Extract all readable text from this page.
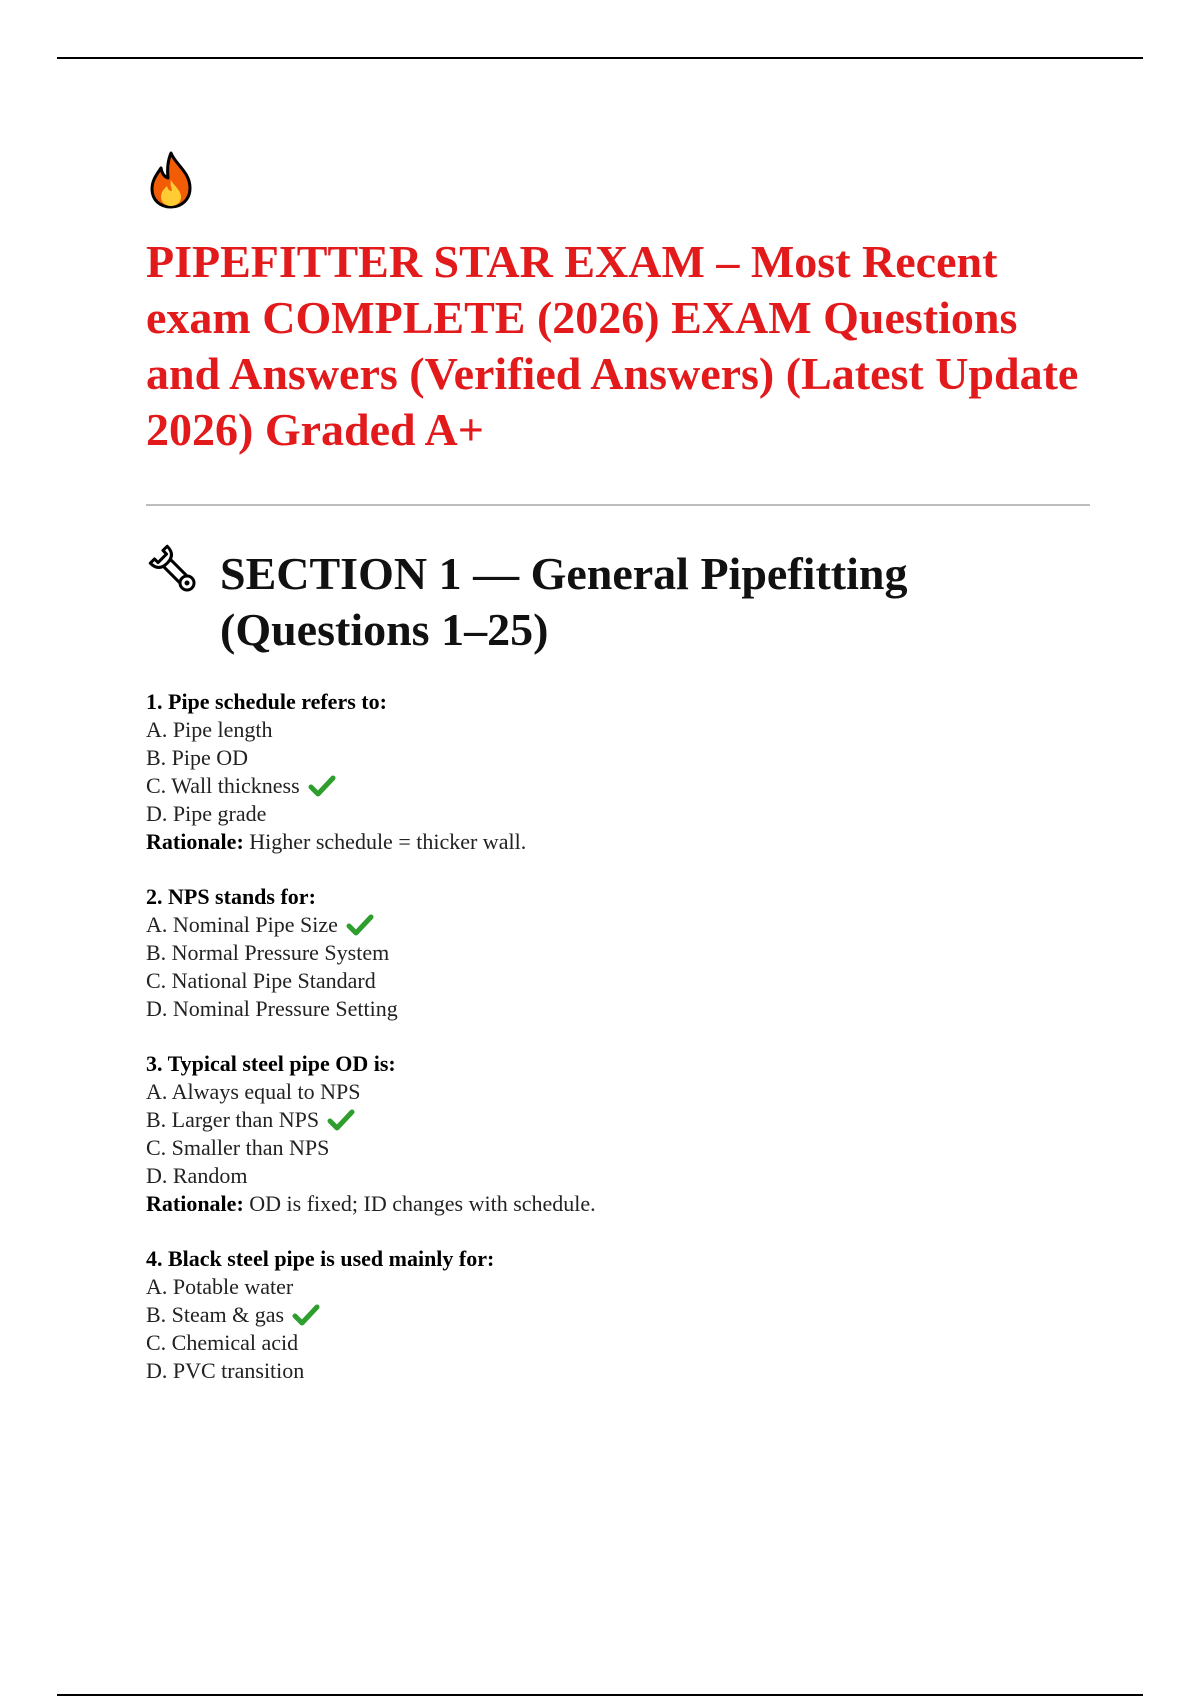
PIPEFITTER STAR EXAM – Most Recent exam COMPLETE (2026) EXAM Questions and Answers (Verified Answers) (Latest Update 2026) Graded A+
SECTION 1 — General Pipefitting (Questions 1–25)
1. Pipe schedule refers to:
A. Pipe length
B. Pipe OD
C. Wall thickness
D. Pipe grade
Rationale: Higher schedule = thicker wall.
2. NPS stands for:
A. Nominal Pipe Size
B. Normal Pressure System
C. National Pipe Standard
D. Nominal Pressure Setting
3. Typical steel pipe OD is:
A. Always equal to NPS
B. Larger than NPS
C. Smaller than NPS
D. Random
Rationale: OD is fixed; ID changes with schedule.
4. Black steel pipe is used mainly for:
A. Potable water
B. Steam & gas
C. Chemical acid
D. PVC transition
